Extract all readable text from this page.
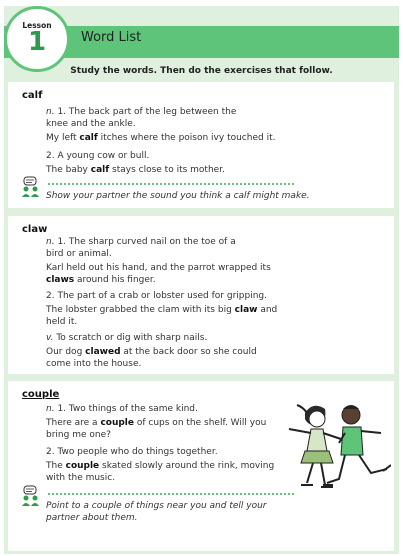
Lesson
1	Word List
Study the words. Then do the exercises that follow.
calf
n. 1. The back part of the leg between the
knee and the ankle.
My left calf itches where the poison ivy touched it.
2. A young cow or bull.
The baby calf stays close to its mother.
Show your partner the sound you think a calf might make.
claw
n. 1. The sharp curved nail on the toe of a
bird or animal.
Karl held out his hand, and the parrot wrapped its
claws around his finger.
2. The part of a crab or lobster used for gripping.
The lobster grabbed the clam with its big claw and
held it.
v. To scratch or dig with sharp nails.
Our dog clawed at the back door so she could
come into the house.
couple
n. 1. Two things of the same kind.
There are a couple of cups on the shelf. Will you
bring me one?
2. Two people who do things together.
The couple skated slowly around the rink, moving
with the music.
Point to a couple of things near you and tell your
partner about them.
